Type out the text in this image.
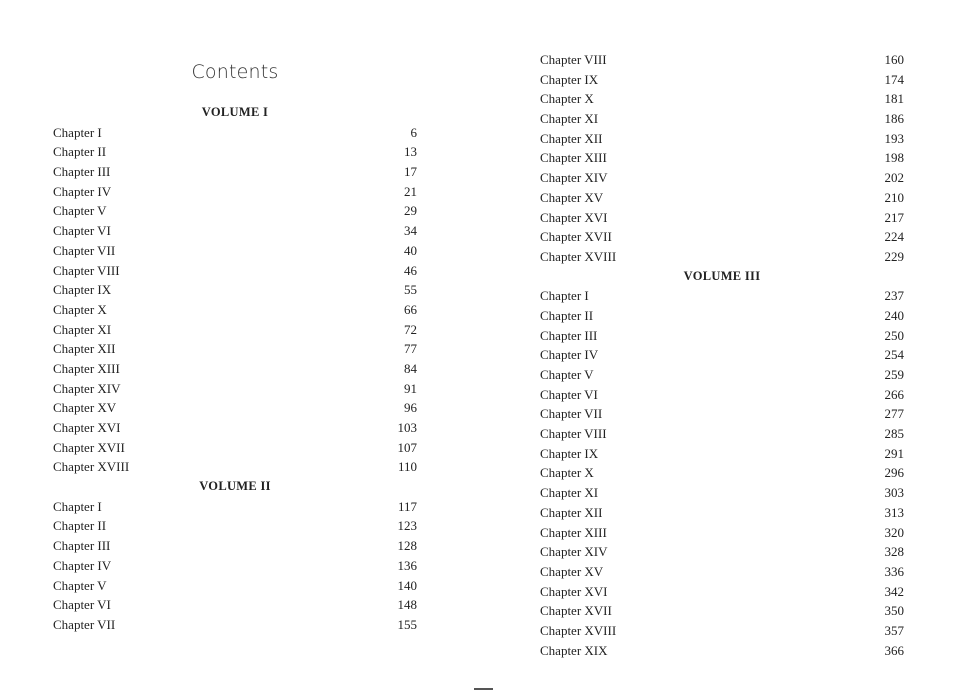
Contents
VOLUME I
Chapter I	6
Chapter II	13
Chapter III	17
Chapter IV	21
Chapter V	29
Chapter VI	34
Chapter VII	40
Chapter VIII	46
Chapter IX	55
Chapter X	66
Chapter XI	72
Chapter XII	77
Chapter XIII	84
Chapter XIV	91
Chapter XV	96
Chapter XVI	103
Chapter XVII	107
Chapter XVIII	110
VOLUME II
Chapter I	117
Chapter II	123
Chapter III	128
Chapter IV	136
Chapter V	140
Chapter VI	148
Chapter VII	155
Chapter VIII	160
Chapter IX	174
Chapter X	181
Chapter XI	186
Chapter XII	193
Chapter XIII	198
Chapter XIV	202
Chapter XV	210
Chapter XVI	217
Chapter XVII	224
Chapter XVIII	229
VOLUME III
Chapter I	237
Chapter II	240
Chapter III	250
Chapter IV	254
Chapter V	259
Chapter VI	266
Chapter VII	277
Chapter VIII	285
Chapter IX	291
Chapter X	296
Chapter XI	303
Chapter XII	313
Chapter XIII	320
Chapter XIV	328
Chapter XV	336
Chapter XVI	342
Chapter XVII	350
Chapter XVIII	357
Chapter XIX	366
